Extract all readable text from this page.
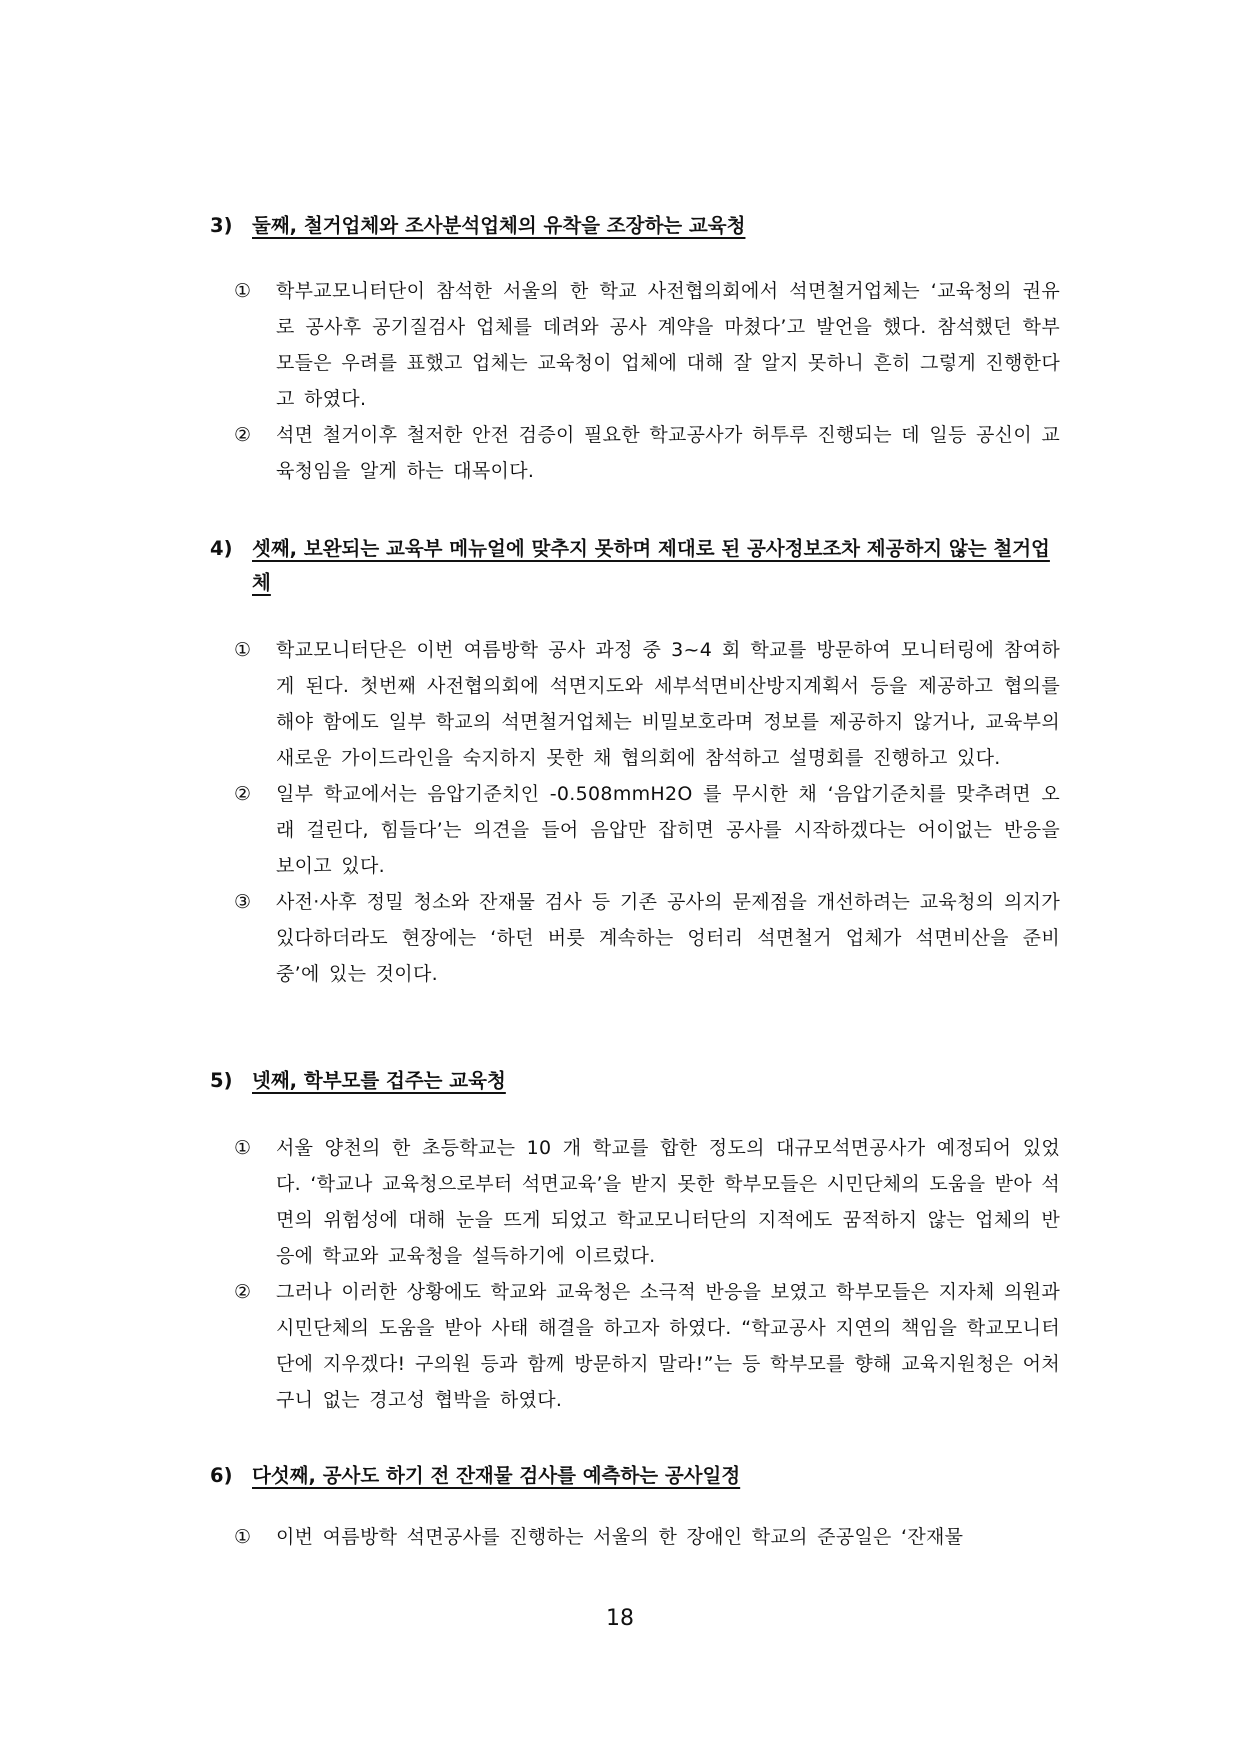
3)	둘째, 철거업체와 조사분석업체의 유착을 조장하는 교육청
①	학부교모니터단이 참석한 서울의 한 학교 사전협의회에서 석면철거업체는 ‘교육청의 권유로 공사후 공기질검사 업체를 데려와 공사 계약을 마쳤다’고 발언을 했다. 참석했던 학부모들은 우려를 표했고 업체는 교육청이 업체에 대해 잘 알지 못하니 흔히 그렇게 진행한다고 하였다.
②	석면 철거이후 철저한 안전 검증이 필요한 학교공사가 허투루 진행되는 데 일등 공신이 교육청임을 알게 하는 대목이다.
4)	셋째, 보완되는 교육부 메뉴얼에 맞추지 못하며 제대로 된 공사정보조차 제공하지 않는 철거업체
①	학교모니터단은 이번 여름방학 공사 과정 중 3~4 회 학교를 방문하여 모니터링에 참여하게 된다. 첫번째 사전협의회에 석면지도와 세부석면비산방지계획서 등을 제공하고 협의를 해야 함에도 일부 학교의 석면철거업체는 비밀보호라며 정보를 제공하지 않거나, 교육부의 새로운 가이드라인을 숙지하지 못한 채 협의회에 참석하고 설명회를 진행하고 있다.
②	일부 학교에서는 음압기준치인 -0.508mmH2O 를 무시한 채 ‘음압기준치를 맞추려면 오래 걸린다, 힘들다’는 의견을 들어 음압만 잡히면 공사를 시작하겠다는 어이없는 반응을 보이고 있다.
③	사전·사후 정밀 청소와 잔재물 검사 등 기존 공사의 문제점을 개선하려는 교육청의 의지가 있다하더라도 현장에는 ‘하던 버릇 계속하는 엉터리 석면철거 업체가 석면비산을 준비중’에 있는 것이다.
5)	넷째, 학부모를 겁주는 교육청
①	서울 양천의 한 초등학교는 10 개 학교를 합한 정도의 대규모석면공사가 예정되어 있었다. ‘학교나 교육청으로부터 석면교육’을 받지 못한 학부모들은 시민단체의 도움을 받아 석면의 위험성에 대해 눈을 뜨게 되었고 학교모니터단의 지적에도 꿈적하지 않는 업체의 반응에 학교와 교육청을 설득하기에 이르렀다.
②	그러나 이러한 상황에도 학교와 교육청은 소극적 반응을 보였고 학부모들은 지자체 의원과 시민단체의 도움을 받아 사태 해결을 하고자 하였다. “학교공사 지연의 책임을 학교모니터단에 지우겠다! 구의원 등과 함께 방문하지 말라!”는 등 학부모를 향해 교육지원청은 어처구니 없는 경고성 협박을 하였다.
6)	다섯째, 공사도 하기 전 잔재물 검사를 예측하는 공사일정
①	이번 여름방학 석면공사를 진행하는 서울의 한 장애인 학교의 준공일은 ‘잔재물
18
